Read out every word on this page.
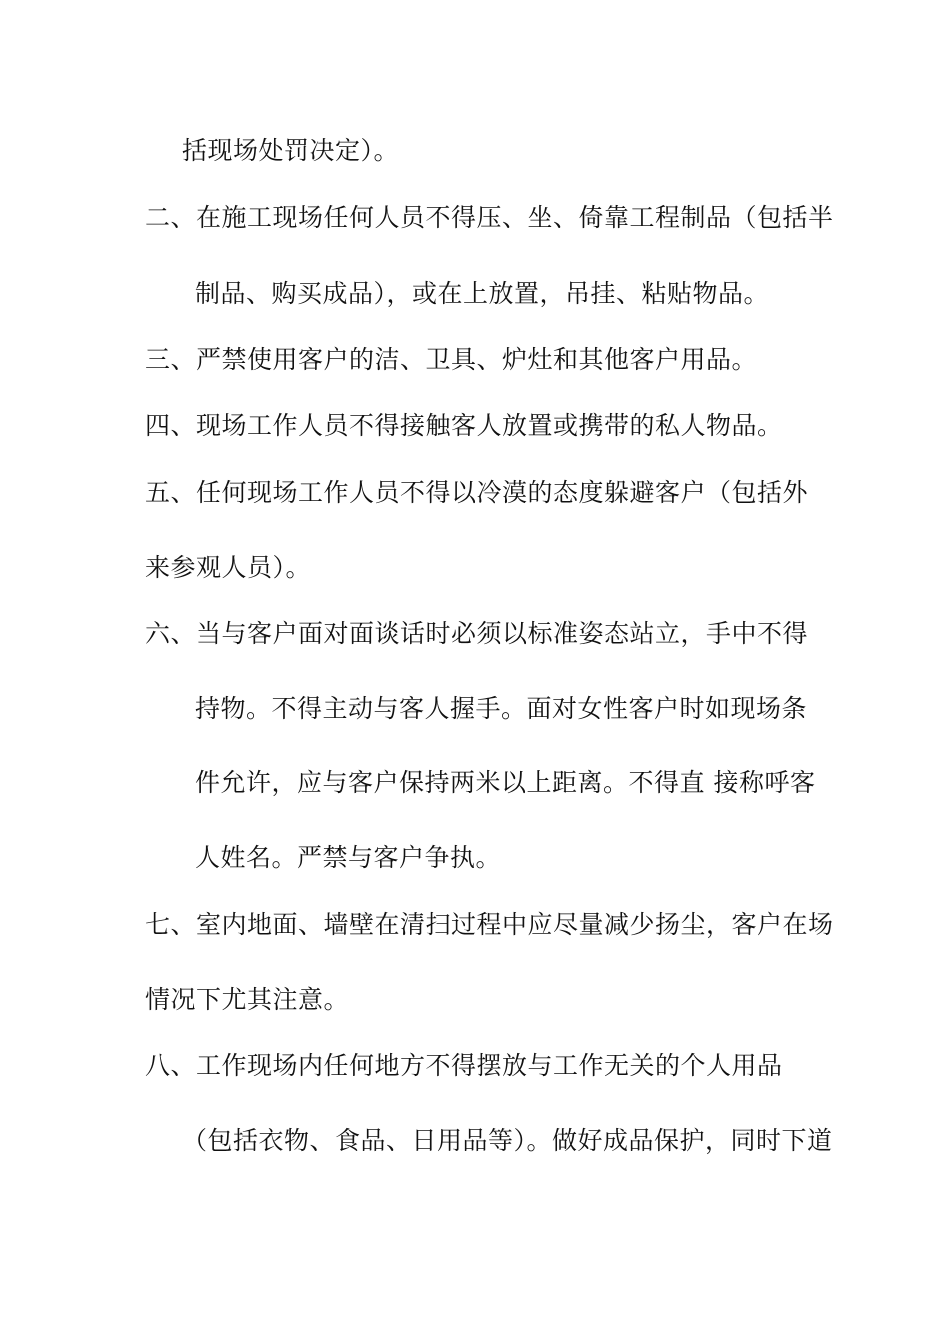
括现场处罚决定）。
二、在施工现场任何人员不得压、坐、倚靠工程制品（包括半
制品、购买成品），或在上放置，吊挂、粘贴物品。
三、严禁使用客户的洁、卫具、炉灶和其他客户用品。
四、现场工作人员不得接触客人放置或携带的私人物品。
五、任何现场工作人员不得以冷漠的态度躲避客户（包括外
来参观人员）。
六、当与客户面对面谈话时必须以标准姿态站立，手中不得
持物。不得主动与客人握手。面对女性客户时如现场条
件允许，应与客户保持两米以上距离。不得直 接称呼客
人姓名。严禁与客户争执。
七、室内地面、墙壁在清扫过程中应尽量减少扬尘，客户在场
情况下尤其注意。
八、工作现场内任何地方不得摆放与工作无关的个人用品
（包括衣物、食品、日用品等）。做好成品保护，同时下道
